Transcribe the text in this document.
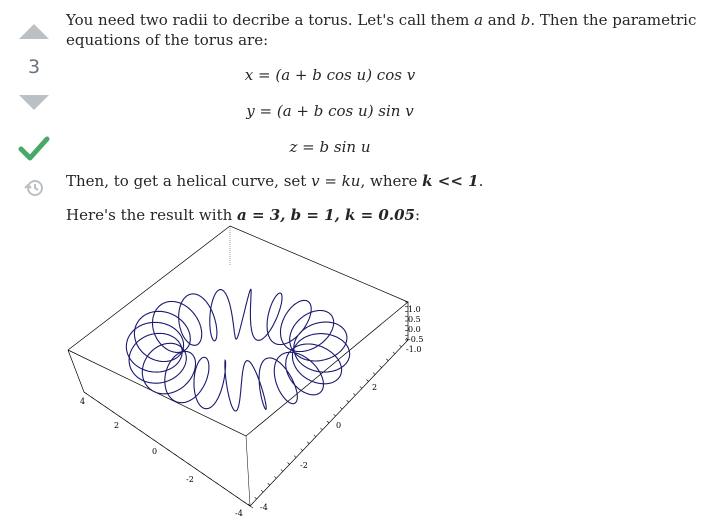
3

You need two radii to decribe a torus. Let's call them a and b. Then the parametric equations of the torus are:

x = (a + b cos u) cos v
y = (a + b cos u) sin v
z = b sin u
Then, to get a helical curve, set v = ku, where k << 1.
Here's the result with a = 3, b = 1, k = 0.05:
4
2
0
-2
-4
-4
-2
0
2
1.0
0.5
0.0
-0.5
-1.0
